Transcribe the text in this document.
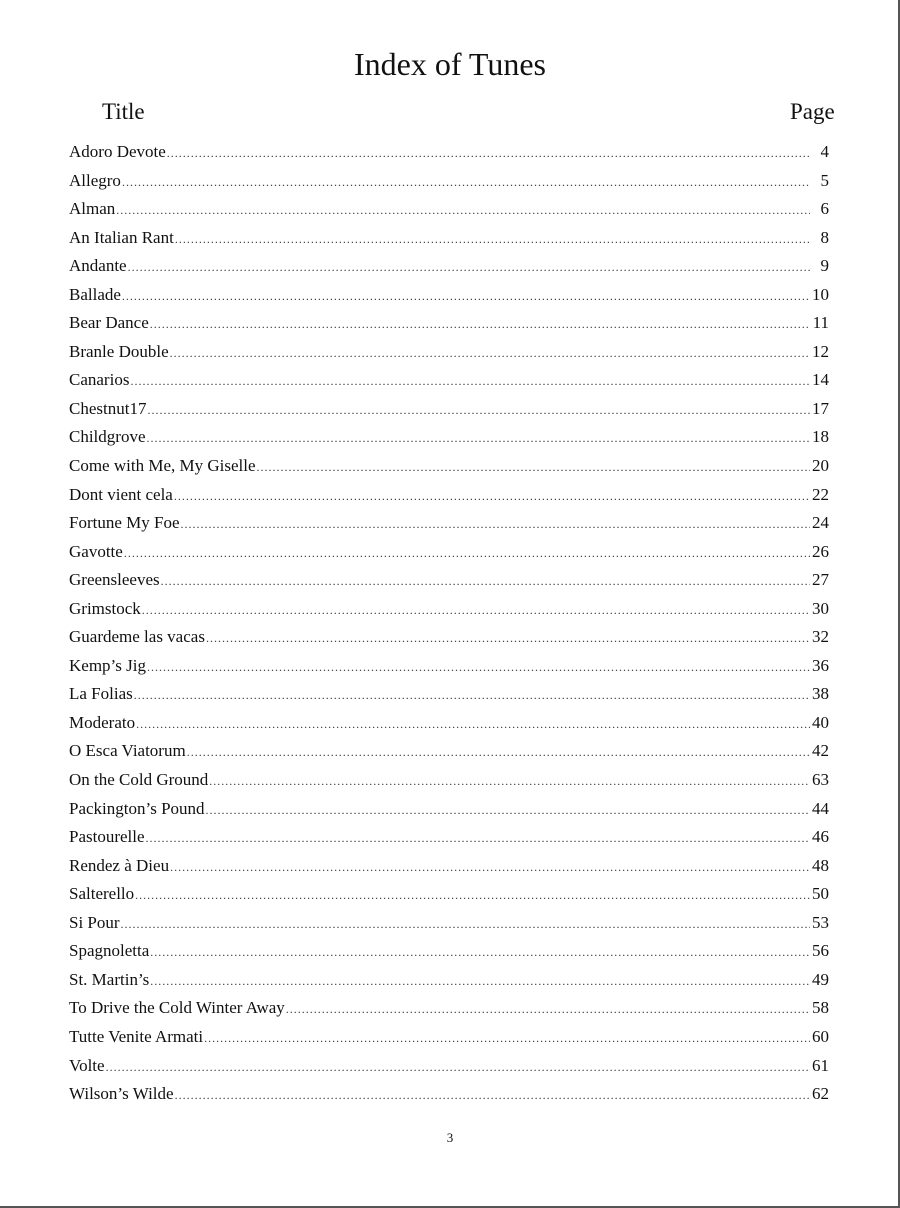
Index of Tunes
Title	Page
Adoro Devote .....	4
Allegro .....	5
Alman .....	6
An Italian Rant .....	8
Andante .....	9
Ballade .....	10
Bear Dance .....	11
Branle Double .....	12
Canarios .....	14
Chestnut17 .....	17
Childgrove .....	18
Come with Me, My Giselle .....	20
Dont vient cela .....	22
Fortune My Foe .....	24
Gavotte .....	26
Greensleeves .....	27
Grimstock .....	30
Guardeme las vacas .....	32
Kemp’s Jig .....	36
La Folias .....	38
Moderato .....	40
O Esca Viatorum .....	42
On the Cold Ground .....	63
Packington’s Pound .....	44
Pastourelle .....	46
Rendez à Dieu .....	48
Salterello .....	50
Si Pour .....	53
Spagnoletta .....	56
St. Martin’s .....	49
To Drive the Cold Winter Away .....	58
Tutte Venite Armati .....	60
Volte .....	61
Wilson’s Wilde .....	62
3
